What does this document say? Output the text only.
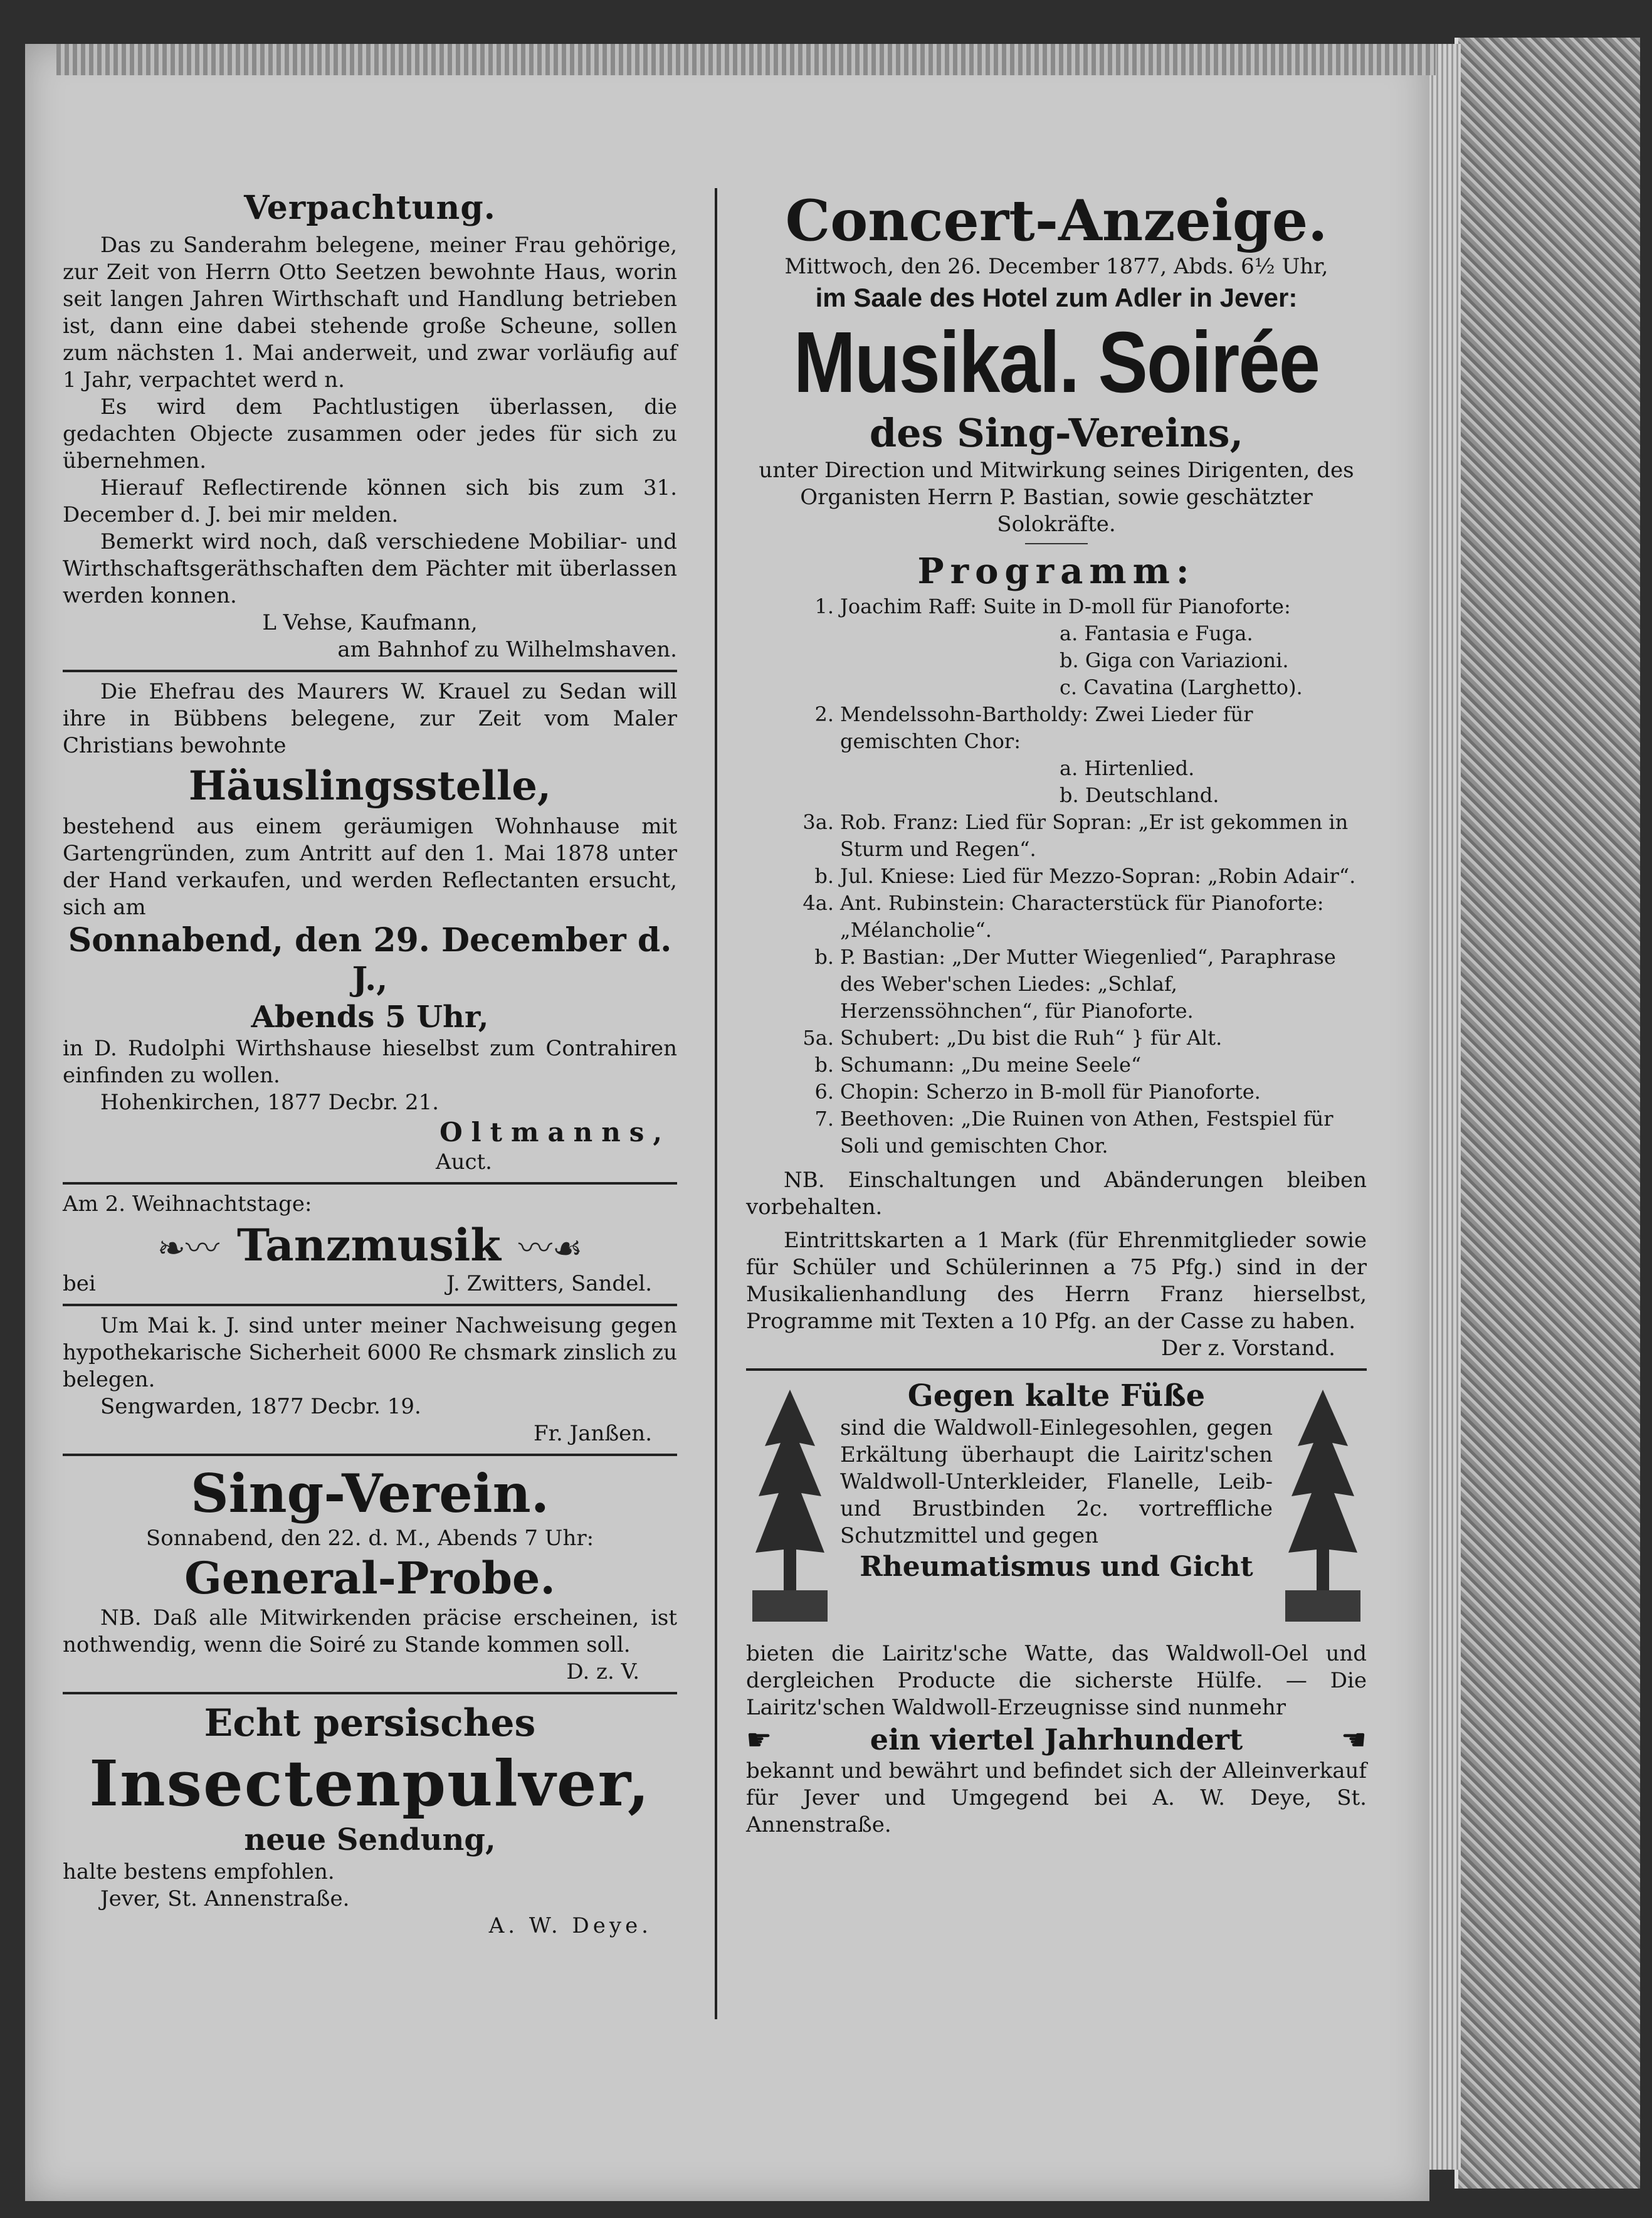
Verpachtung.

Das zu Sanderahm belegene, meiner Frau gehörige, zur Zeit von Herrn Otto Seetzen bewohnte Haus, worin seit langen Jahren Wirthschaft und Handlung betrieben ist, dann eine dabei stehende große Scheune, sollen zum nächsten 1. Mai anderweit, und zwar vorläufig auf 1 Jahr, verpachtet werd n.

Es wird dem Pachtlustigen überlassen, die gedachten Objecte zusammen oder jedes für sich zu übernehmen.

Hierauf Reflectirende können sich bis zum 31. December d. J. bei mir melden.

Bemerkt wird noch, daß verschiedene Mobiliar- und Wirthschaftsgeräthschaften dem Pächter mit überlassen werden konnen.

L Vehse, Kaufmann,

am Bahnhof zu Wilhelmshaven.

Die Ehefrau des Maurers W. Krauel zu Sedan will ihre in Bübbens belegene, zur Zeit vom Maler Christians bewohnte

Häuslingsstelle,

bestehend aus einem geräumigen Wohnhause mit Gartengründen, zum Antritt auf den 1. Mai 1878 unter der Hand verkaufen, und werden Reflectanten ersucht, sich am

Sonnabend, den 29. December d. J.,

Abends 5 Uhr,

in D. Rudolphi Wirthshause hieselbst zum Contrahiren einfinden zu wollen.

Hohenkirchen, 1877 Decbr. 21.

Oltmanns,

Auct.

Am 2. Weihnachtstage:

❧〰 Tanzmusik 〰☙
bei	J. Zwitters, Sandel.

Um Mai k. J. sind unter meiner Nachweisung gegen hypothekarische Sicherheit 6000 Re chsmark zinslich zu belegen.

Sengwarden, 1877 Decbr. 19.

Fr. Janßen.

Sing-Verein.

Sonnabend, den 22. d. M., Abends 7 Uhr:

General-Probe.

NB. Daß alle Mitwirkenden präcise erscheinen, ist nothwendig, wenn die Soiré zu Stande kommen soll.

D. z. V.

Echt persisches

Insectenpulver,

neue Sendung,

halte bestens empfohlen.

Jever, St. Annenstraße.

A. W. Deye.

Concert-Anzeige.

Mittwoch, den 26. December 1877, Abds. 6½ Uhr,

im Saale des Hotel zum Adler in Jever:

Musikal. Soirée

des Sing-Vereins,

unter Direction und Mitwirkung seines Dirigenten, des Organisten Herrn P. Bastian, sowie geschätzter Solokräfte.

Programm:

1. Joachim Raff: Suite in D-moll für Pianoforte:
a. Fantasia e Fuga.
b. Giga con Variazioni.
c. Cavatina (Larghetto).
2. Mendelssohn-Bartholdy: Zwei Lieder für gemischten Chor:
a. Hirtenlied.
b. Deutschland.
3a. Rob. Franz: Lied für Sopran: „Er ist gekommen in Sturm und Regen“.
b. Jul. Kniese: Lied für Mezzo-Sopran: „Robin Adair“.
4a. Ant. Rubinstein: Characterstück für Pianoforte: „Mélancholie“.
b. P. Bastian: „Der Mutter Wiegenlied“, Paraphrase des Weber'schen Liedes: „Schlaf, Herzenssöhnchen“, für Pianoforte.
5a. Schubert: „Du bist die Ruh“ } für Alt.
b. Schumann: „Du meine Seele“
6. Chopin: Scherzo in B-moll für Pianoforte.
7. Beethoven: „Die Ruinen von Athen, Festspiel für Soli und gemischten Chor.

NB. Einschaltungen und Abänderungen bleiben vorbehalten.

Eintrittskarten a 1 Mark (für Ehrenmitglieder sowie für Schüler und Schülerinnen a 75 Pfg.) sind in der Musikalienhandlung des Herrn Franz hierselbst, Programme mit Texten a 10 Pfg. an der Casse zu haben.

Der z. Vorstand.

Gegen kalte Füße

sind die Waldwoll-Einlegesohlen, gegen Erkältung überhaupt die Lairitz'schen Waldwoll-Unterkleider, Flanelle, Leib- und Brustbinden 2c. vortreffliche Schutzmittel und gegen

Rheumatismus und Gicht

bieten die Lairitz'sche Watte, das Waldwoll-Oel und dergleichen Producte die sicherste Hülfe. — Die Lairitz'schen Waldwoll-Erzeugnisse sind nunmehr

☛	ein viertel Jahrhundert	☚

bekannt und bewährt und befindet sich der Alleinverkauf für Jever und Umgegend bei A. W. Deye, St. Annenstraße.
